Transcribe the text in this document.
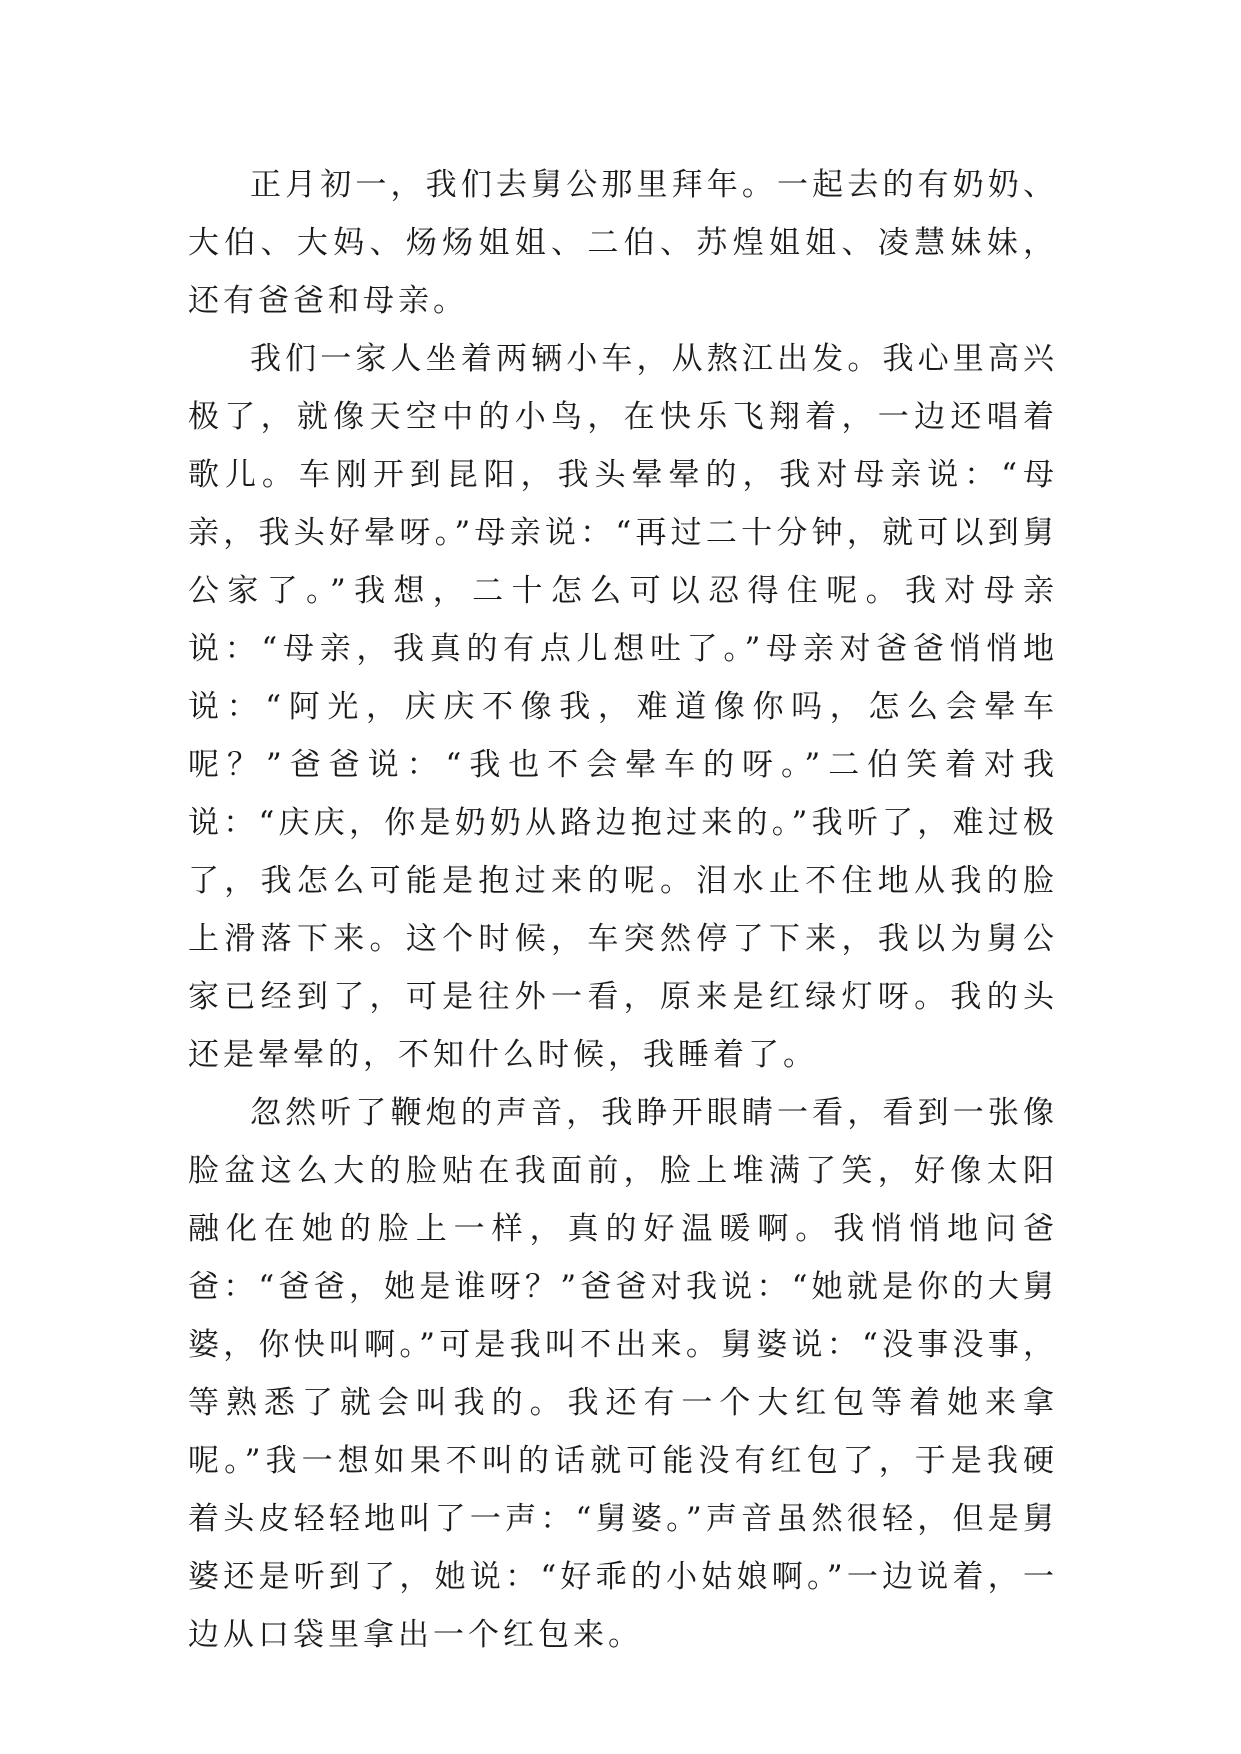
正月初一，我们去舅公那里拜年。一起去的有奶奶、大伯、大妈、炀炀姐姐、二伯、苏煌姐姐、凌慧妹妹，还有爸爸和母亲。

我们一家人坐着两辆小车，从熬江出发。我心里高兴极了，就像天空中的小鸟，在快乐飞翔着，一边还唱着歌儿。车刚开到昆阳，我头晕晕的，我对母亲说：“母亲，我头好晕呀。”母亲说：“再过二十分钟，就可以到舅公家了。”我想，二十怎么可以忍得住呢。我对母亲说：“母亲，我真的有点儿想吐了。”母亲对爸爸悄悄地说：“阿光，庆庆不像我，难道像你吗，怎么会晕车呢？”爸爸说：“我也不会晕车的呀。”二伯笑着对我说：“庆庆，你是奶奶从路边抱过来的。”我听了，难过极了，我怎么可能是抱过来的呢。泪水止不住地从我的脸上滑落下来。这个时候，车突然停了下来，我以为舅公家已经到了，可是往外一看，原来是红绿灯呀。我的头还是晕晕的，不知什么时候，我睡着了。

忽然听了鞭炮的声音，我睁开眼睛一看，看到一张像脸盆这么大的脸贴在我面前，脸上堆满了笑，好像太阳融化在她的脸上一样，真的好温暖啊。我悄悄地问爸爸：“爸爸，她是谁呀？”爸爸对我说：“她就是你的大舅婆，你快叫啊。”可是我叫不出来。舅婆说：“没事没事，等熟悉了就会叫我的。我还有一个大红包等着她来拿呢。”我一想如果不叫的话就可能没有红包了，于是我硬着头皮轻轻地叫了一声：“舅婆。”声音虽然很轻，但是舅婆还是听到了，她说：“好乖的小姑娘啊。”一边说着，一边从口袋里拿出一个红包来。
